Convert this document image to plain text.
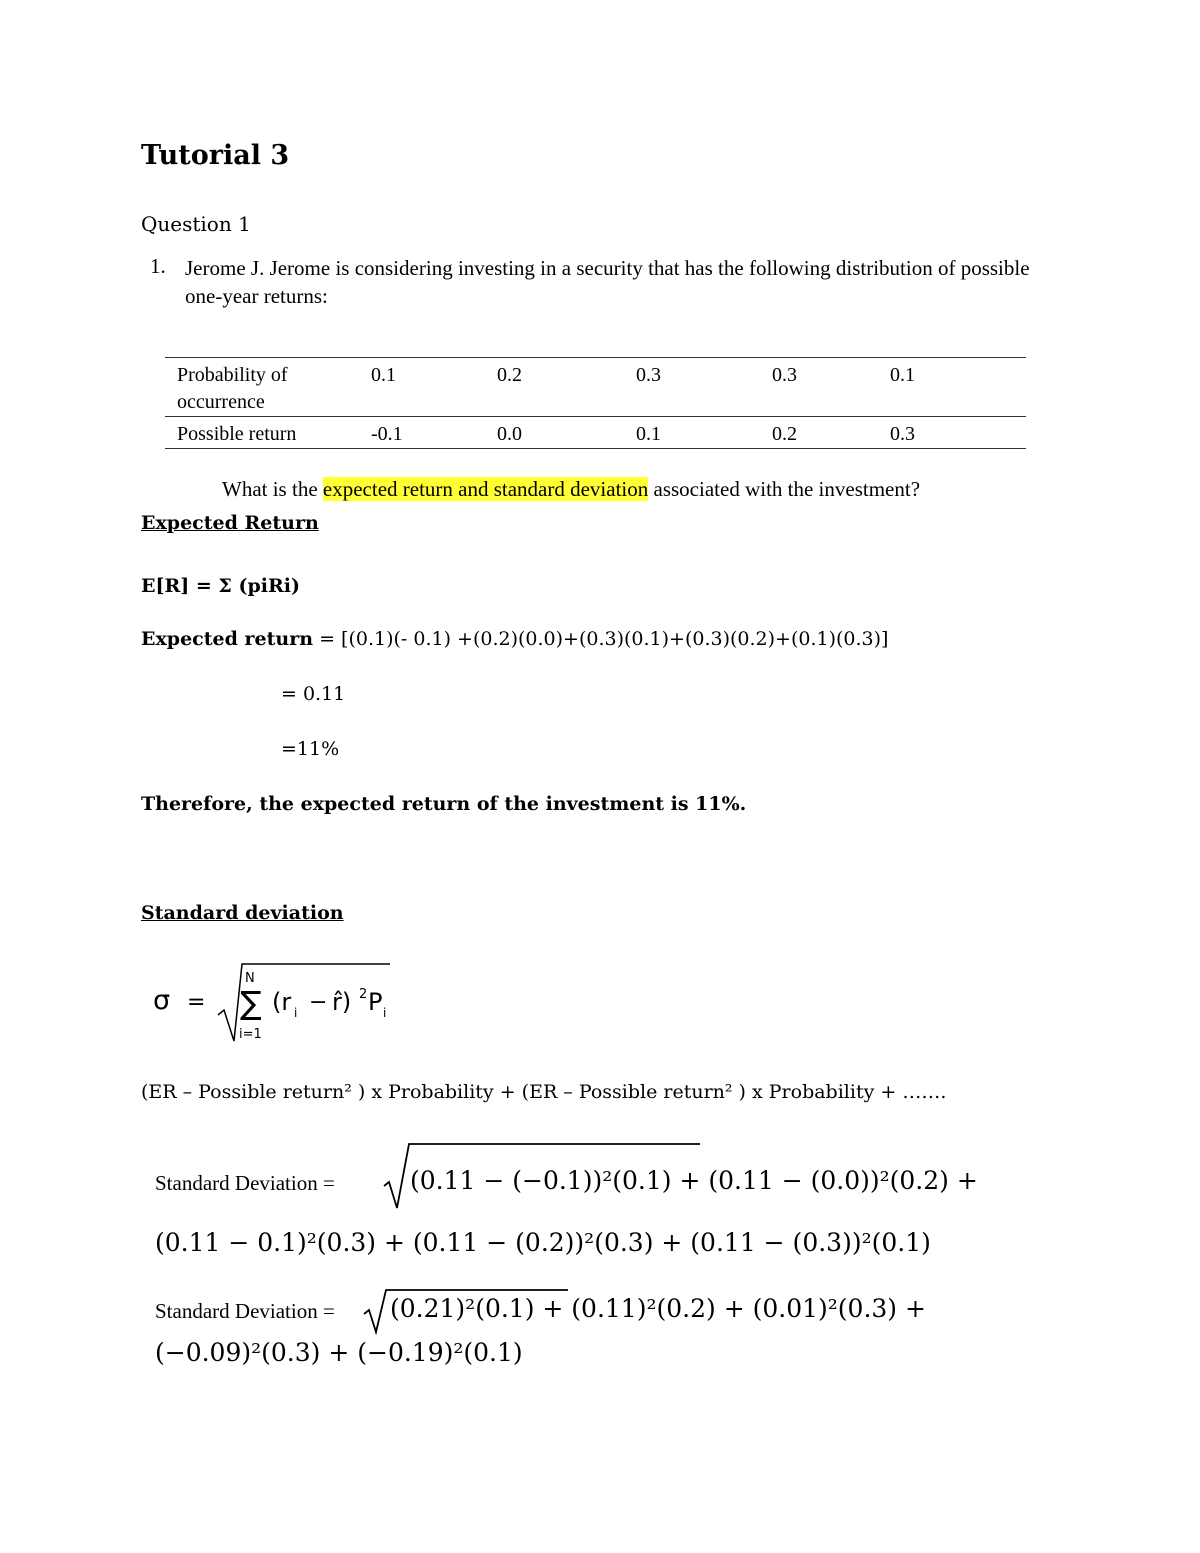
Tutorial 3
Question 1
1. Jerome J. Jerome is considering investing in a security that has the following distribution of possible one-year returns:
Probability of occurrence	0.1	0.2	0.3	0.3	0.1
Possible return	-0.1	0.0	0.1	0.2	0.3
What is the expected return and standard deviation associated with the investment?
Expected Return
E[R] = Σ (piRi)
Expected return = [(0.1)(- 0.1) +(0.2)(0.0)+(0.3)(0.1)+(0.3)(0.2)+(0.1)(0.3)]
= 0.11
=11%
Therefore, the expected return of the investment is 11%.
Standard deviation
σ =
N
∑
i=1
(r i − r̂) 2 P i
(ER – Possible return² ) x Probability + (ER – Possible return² ) x Probability + …….
Standard Deviation =	(0.11 − (−0.1))²(0.1) + (0.11 − (0.0))²(0.2) +
(0.11 − 0.1)²(0.3) + (0.11 − (0.2))²(0.3) + (0.11 − (0.3))²(0.1)
Standard Deviation = (0.21)²(0.1) + (0.11)²(0.2) + (0.01)²(0.3) +
(−0.09)²(0.3) + (−0.19)²(0.1)
